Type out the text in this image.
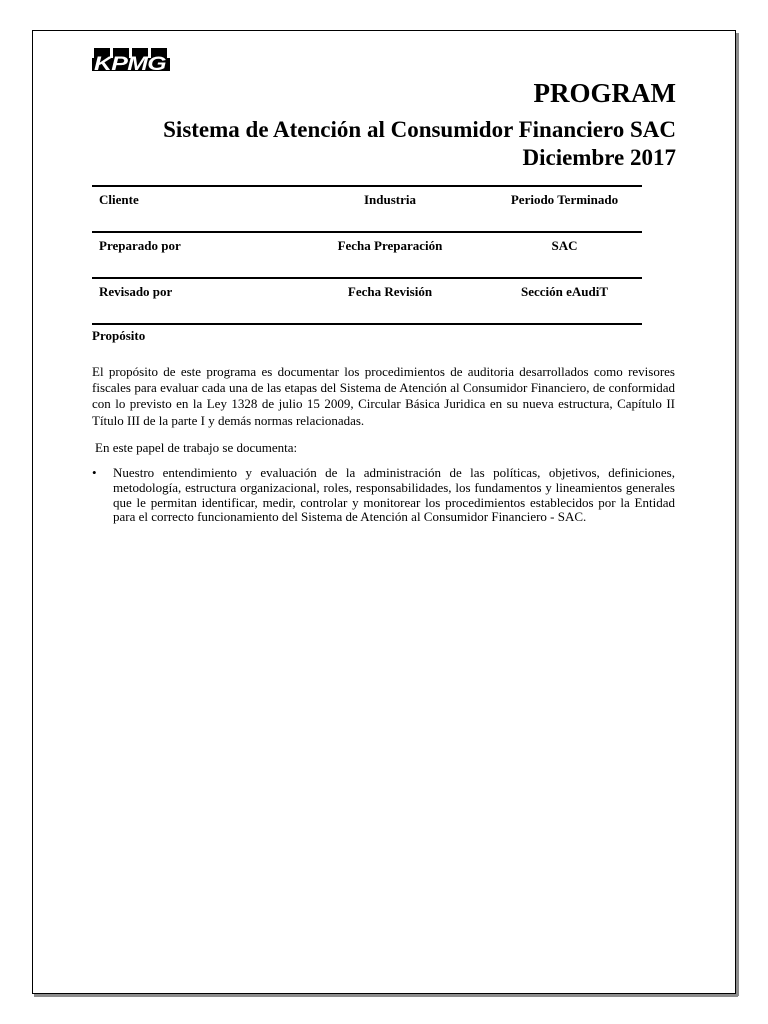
KPMG
PROGRAM
Sistema de Atención al Consumidor Financiero SAC
Diciembre 2017
Cliente	Industria	Periodo Terminado
Preparado por	Fecha Preparación	SAC
Revisado por	Fecha Revisión	Sección eAudiT
Propósito

El propósito de este programa es documentar los procedimientos de auditoria desarrollados como revisores fiscales para evaluar cada una de las etapas del Sistema de Atención al Consumidor Financiero, de conformidad con lo previsto en la Ley 1328 de julio 15 2009, Circular Básica Juridica en su nueva estructura, Capítulo II Título III de la parte I y demás normas relacionadas.

En este papel de trabajo se documenta:

• Nuestro entendimiento y evaluación de la administración de las políticas, objetivos, definiciones, metodología, estructura organizacional, roles, responsabilidades, los fundamentos y lineamientos generales que le permitan identificar, medir, controlar y monitorear los procedimientos establecidos por la Entidad para el correcto funcionamiento del Sistema de Atención al Consumidor Financiero - SAC.
